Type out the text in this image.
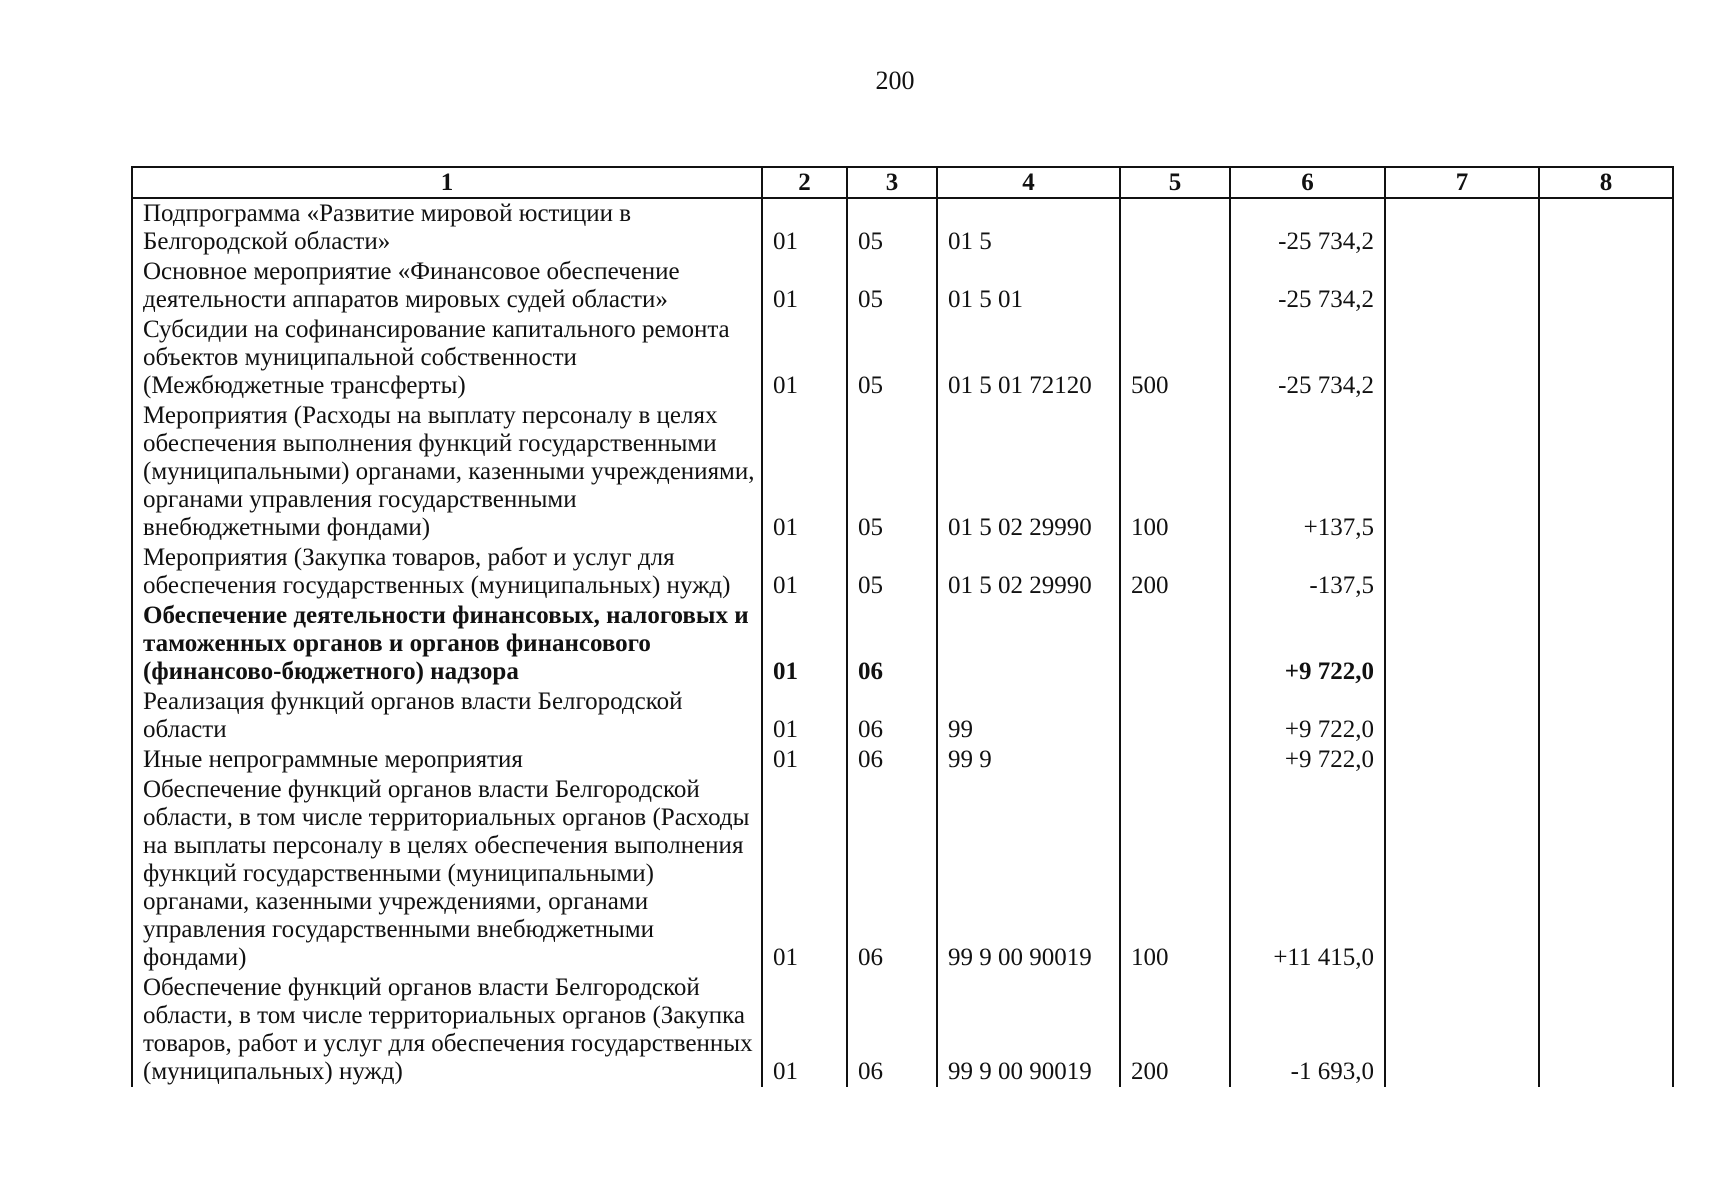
200
1	2	3	4	5	6	7	8
Подпрограмма «Развитие мировой юстиции в Белгородской области»	01	05	01 5		-25 734,2		
Основное мероприятие «Финансовое обеспечение деятельности аппаратов мировых судей области»	01	05	01 5 01		-25 734,2		
Субсидии на софинансирование капитального ремонта объектов муниципальной собственности (Межбюджетные трансферты)	01	05	01 5 01 72120	500	-25 734,2		
Мероприятия (Расходы на выплату персоналу в целях обеспечения выполнения функций государственными (муниципальными) органами, казенными учреждениями, органами управления государственными внебюджетными фондами)	01	05	01 5 02 29990	100	+137,5		
Мероприятия (Закупка товаров, работ и услуг для обеспечения государственных (муниципальных) нужд)	01	05	01 5 02 29990	200	-137,5		
Обеспечение деятельности финансовых, налоговых и таможенных органов и органов финансового (финансово-бюджетного) надзора	01	06			+9 722,0		
Реализация функций органов власти Белгородской области	01	06	99		+9 722,0		
Иные непрограммные мероприятия	01	06	99 9		+9 722,0		
Обеспечение функций органов власти Белгородской области, в том числе территориальных органов (Расходы на выплаты персоналу в целях обеспечения выполнения функций государственными (муниципальными) органами, казенными учреждениями, органами управления государственными внебюджетными фондами)	01	06	99 9 00 90019	100	+11 415,0		
Обеспечение функций органов власти Белгородской области, в том числе территориальных органов (Закупка товаров, работ и услуг для обеспечения государственных (муниципальных) нужд)	01	06	99 9 00 90019	200	-1 693,0		
